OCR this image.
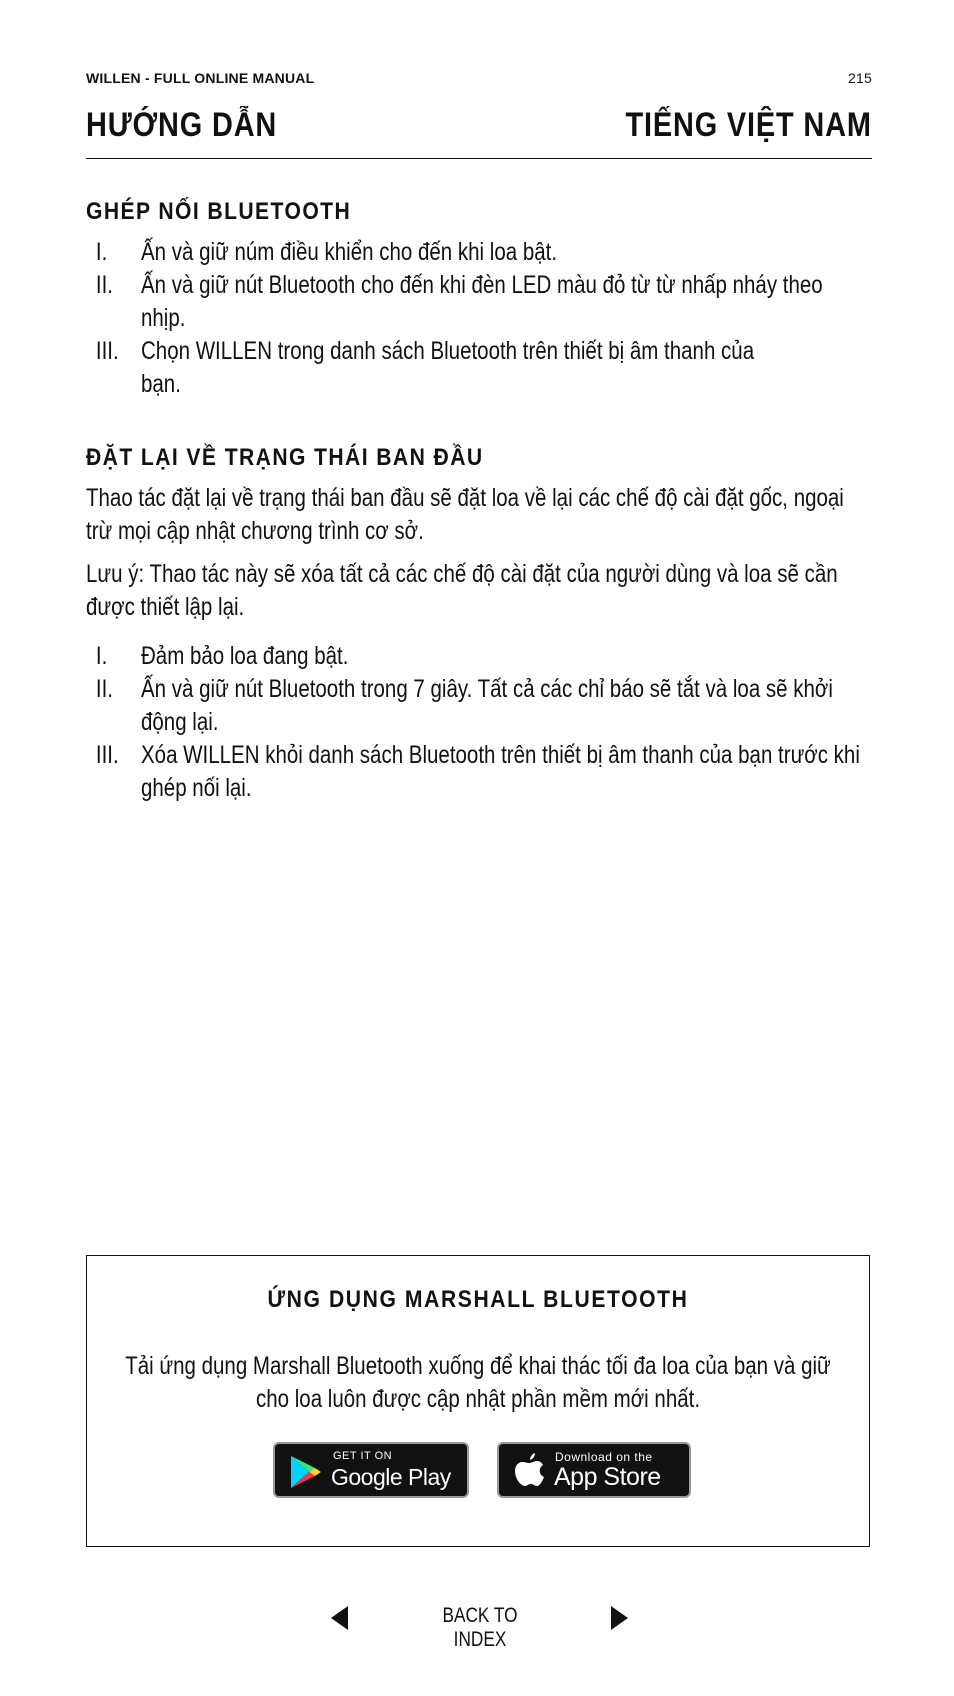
WILLEN - FULL ONLINE MANUAL	215
HƯỚNG DẪN	TIẾNG VIỆT NAM
GHÉP NỐI BLUETOOTH
I. Ấn và giữ núm điều khiển cho đến khi loa bật.
II. Ấn và giữ nút Bluetooth cho đến khi đèn LED màu đỏ từ từ nhấp nháy theo nhịp.
III. Chọn WILLEN trong danh sách Bluetooth trên thiết bị âm thanh của bạn.
ĐẶT LẠI VỀ TRẠNG THÁI BAN ĐẦU

Thao tác đặt lại về trạng thái ban đầu sẽ đặt loa về lại các chế độ cài đặt gốc, ngoại trừ mọi cập nhật chương trình cơ sở.

Lưu ý: Thao tác này sẽ xóa tất cả các chế độ cài đặt của người dùng và loa sẽ cần được thiết lập lại.

I. Đảm bảo loa đang bật.
II. Ấn và giữ nút Bluetooth trong 7 giây. Tất cả các chỉ báo sẽ tắt và loa sẽ khởi động lại.
III. Xóa WILLEN khỏi danh sách Bluetooth trên thiết bị âm thanh của bạn trước khi ghép nối lại.
ỨNG DỤNG MARSHALL BLUETOOTH
Tải ứng dụng Marshall Bluetooth xuống để khai thác tối đa loa của bạn và giữ cho loa luôn được cập nhật phần mềm mới nhất.
GET IT ON
Google Play
Download on the
App Store
BACK TO INDEX
